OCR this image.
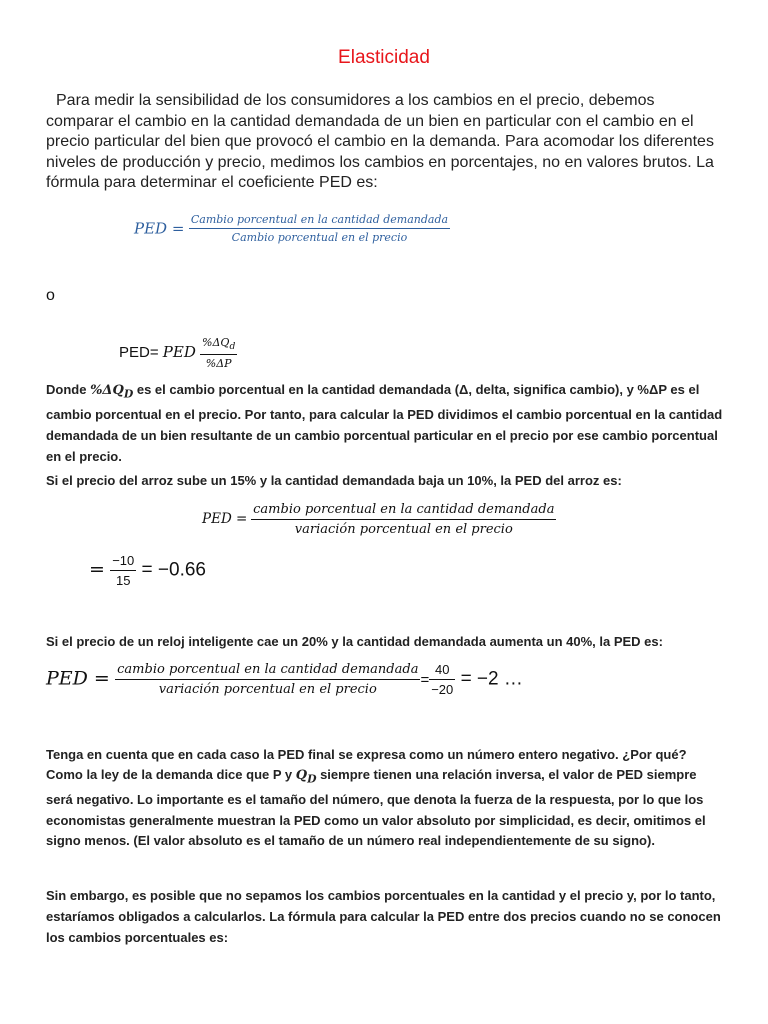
Elasticidad
Para medir la sensibilidad de los consumidores a los cambios en el precio, debemos comparar el cambio en la cantidad demandada de un bien en particular con el cambio en el precio particular del bien que provocó el cambio en la demanda. Para acomodar los diferentes niveles de producción y precio, medimos los cambios en porcentajes, no en valores brutos. La fórmula para determinar el coeficiente PED es:
PED = $\frac{\text{Cambio porcentual en la cantidad demandada}}{\text{Cambio porcentual en el precio}}$
o
PED= PED $\frac{\%\Delta Q_d}{\%\Delta P}$
Donde $\%\Delta Q_D$ es el cambio porcentual en la cantidad demandada (Δ, delta, significa cambio), y %ΔP es el cambio porcentual en el precio. Por tanto, para calcular la PED dividimos el cambio porcentual en la cantidad demandada de un bien resultante de un cambio porcentual particular en el precio por ese cambio porcentual en el precio.
Si el precio del arroz sube un 15% y la cantidad demandada baja un 10%, la PED del arroz es:
PED = $\frac{\text{cambio porcentual en la cantidad demandada}}{\text{variación porcentual en el precio}}$
= $\frac{-10}{15} = -0.66$
Si el precio de un reloj inteligente cae un 20% y la cantidad demandada aumenta un 40%, la PED es:
PED = $\frac{\text{cambio porcentual en la cantidad demandada}}{\text{variación porcentual en el precio}} = \frac{40}{-20} = -2$ …
Tenga en cuenta que en cada caso la PED final se expresa como un número entero negativo. ¿Por qué? Como la ley de la demanda dice que P y $Q_D$ siempre tienen una relación inversa, el valor de PED siempre será negativo. Lo importante es el tamaño del número, que denota la fuerza de la respuesta, por lo que los economistas generalmente muestran la PED como un valor absoluto por simplicidad, es decir, omitimos el signo menos. (El valor absoluto es el tamaño de un número real independientemente de su signo).
Sin embargo, es posible que no sepamos los cambios porcentuales en la cantidad y el precio y, por lo tanto, estaríamos obligados a calcularlos. La fórmula para calcular la PED entre dos precios cuando no se conocen los cambios porcentuales es:
